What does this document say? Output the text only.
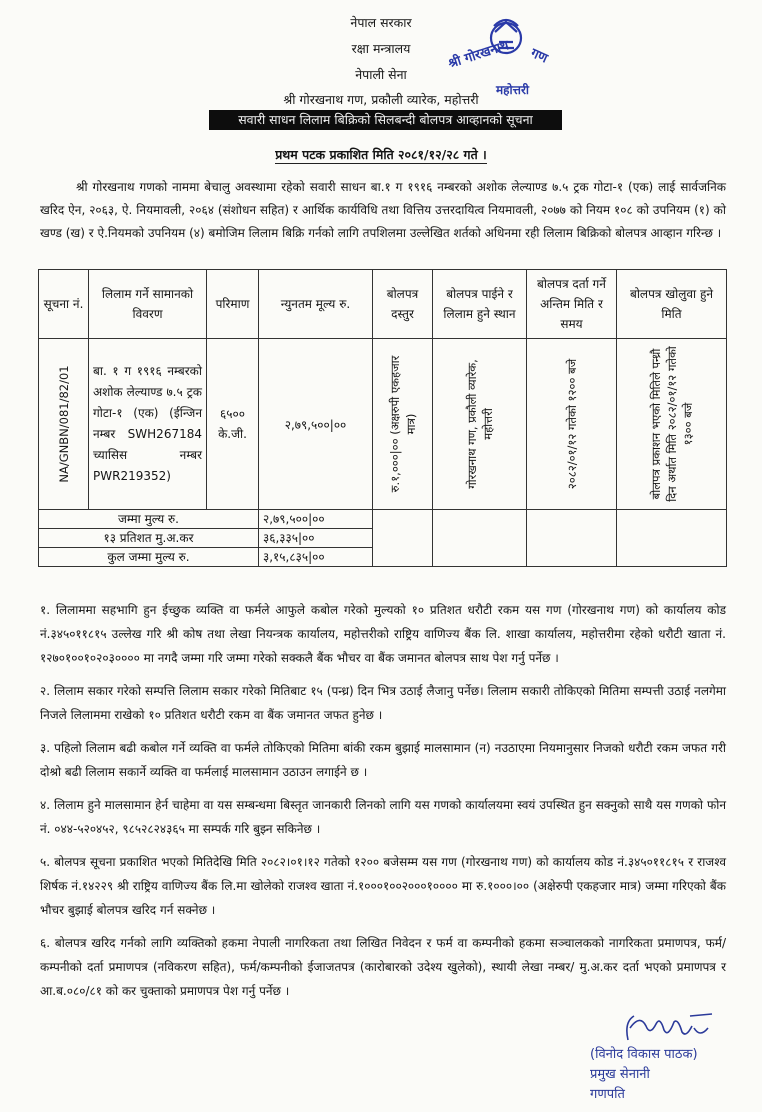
नेपाल सरकार
रक्षा मन्त्रालय
नेपाली सेना
श्री गोरखनाथ गण, प्रकौली व्यारेक, महोत्तरी
श्री गोरखनाथ गण
महोत्तरी
सवारी साधन लिलाम बिक्रिको सिलबन्दी बोलपत्र आव्हानको सूचना
प्रथम पटक प्रकाशित मिति २०८१/१२/२८ गते ।
श्री गोरखनाथ गणको नाममा बेचालु अवस्थामा रहेको सवारी साधन बा.१ ग १९१६ नम्बरको अशोक लेल्याण्ड ७.५ ट्रक गोटा-१ (एक) लाई सार्वजनिक खरिद ऐन, २०६३, ऐ. नियमावली, २०६४ (संशोधन सहित) र आर्थिक कार्यविधि तथा वित्तिय उत्तरदायित्व नियमावली, २०७७ को नियम १०८ को उपनियम (१) को खण्ड (ख) र ऐ.नियमको उपनियम (४) बमोजिम लिलाम बिक्रि गर्नको लागि तपशिलमा उल्लेखित शर्तको अधिनमा रही लिलाम बिक्रिको बोलपत्र आव्हान गरिन्छ ।
सूचना नं.	लिलाम गर्ने सामानको विवरण	परिमाण	न्युनतम मूल्य रु.	बोलपत्र दस्तुर	बोलपत्र पाईने र लिलाम हुने स्थान	बोलपत्र दर्ता गर्ने अन्तिम मिति र समय	बोलपत्र खोलुवा हुने मिति

NA/GNBN/081/82/01	बा. १ ग १९१६ नम्बरको अशोक लेल्याण्ड ७.५ ट्रक गोटा-१ (एक) (ईन्जिन नम्बर SWH267184 च्यासिस नम्बर PWR219352)	६५०० के.जी.	२,७९,५००|००	रु.१,०००|०० (अक्षरुपी एकहजार मात्र)	गोरखनाथ गण, प्रकौली व्यारेक, महोत्तरी	२०८२/०१/१२ गतेको १२०० बजे	बोलपत्र प्रकाशन भएको मितिले पन्ध्रौ दिन अर्थात मिति २०८२/०१/१२ गतेको १३०० बजे

जम्मा मुल्य रु.			२,७९,५००|००				
१३ प्रतिशत मु.अ.कर			३६,३३५|००				
कुल जम्मा मुल्य रु.			३,१५,८३५|००				

१. लिलाममा सहभागि हुन ईच्छुक व्यक्ति वा फर्मले आफुले कबोल गरेको मुल्यको १० प्रतिशत धरौटी रकम यस गण (गोरखनाथ गण) को कार्यालय कोड नं.३४५०११८१५ उल्लेख गरि श्री कोष तथा लेखा नियन्त्रक कार्यालय, महोत्तरीको राष्ट्रिय वाणिज्य बैंक लि. शाखा कार्यालय, महोत्तरीमा रहेको धरौटी खाता नं. १२७०१००१०२०३०००० मा नगदै जम्मा गरि जम्मा गरेको सक्कलै बैंक भौचर वा बैंक जमानत बोलपत्र साथ पेश गर्नु पर्नेछ ।

२. लिलाम सकार गरेको सम्पत्ति लिलाम सकार गरेको मितिबाट १५ (पन्ध्र) दिन भित्र उठाई लैजानु पर्नेछ। लिलाम सकारी तोकिएको मितिमा सम्पत्ती उठाई नलगेमा निजले लिलाममा राखेको १० प्रतिशत धरौटी रकम वा बैंक जमानत जफत हुनेछ ।

३. पहिलो लिलाम बढी कबोल गर्ने व्यक्ति वा फर्मले तोकिएको मितिमा बांकी रकम बुझाई मालसामान (न) नउठाएमा नियमानुसार निजको धरौटी रकम जफत गरी दोश्रो बढी लिलाम सकार्ने व्यक्ति वा फर्मलाई मालसामान उठाउन लगाईने छ ।

४. लिलाम हुने मालसामान हेर्न चाहेमा वा यस सम्बन्धमा बिस्तृत जानकारी लिनको लागि यस गणको कार्यालयमा स्वयं उपस्थित हुन सक्नुको साथै यस गणको फोन नं. ०४४-५२०४५२, ९८५२८२४३६५ मा सम्पर्क गरि बुझ्न सकिनेछ ।

५. बोलपत्र सूचना प्रकाशित भएको मितिदेखि मिति २०८२।०१।१२ गतेको १२०० बजेसम्म यस गण (गोरखनाथ गण) को कार्यालय कोड नं.३४५०११८१५ र राजश्व शिर्षक नं.१४२२९ श्री राष्ट्रिय वाणिज्य बैंक लि.मा खोलेको राजश्व खाता नं.१०००१००२०००१०००० मा रु.१०००।०० (अक्षेरुपी एकहजार मात्र) जम्मा गरिएको बैंक भौचर बुझाई बोलपत्र खरिद गर्न सक्नेछ ।

६. बोलपत्र खरिद गर्नको लागि व्यक्तिको हकमा नेपाली नागरिकता तथा लिखित निवेदन र फर्म वा कम्पनीको हकमा सञ्चालकको नागरिकता प्रमाणपत्र, फर्म/कम्पनीको दर्ता प्रमाणपत्र (नविकरण सहित), फर्म/कम्पनीको ईजाजतपत्र (कारोबारको उदेश्य खुलेको), स्थायी लेखा नम्बर/ मु.अ.कर दर्ता भएको प्रमाणपत्र र आ.ब.०८०/८१ को कर चुक्ताको प्रमाणपत्र पेश गर्नु पर्नेछ ।

(विनोद विकास पाठक)
प्रमुख सेनानी
गणपति
